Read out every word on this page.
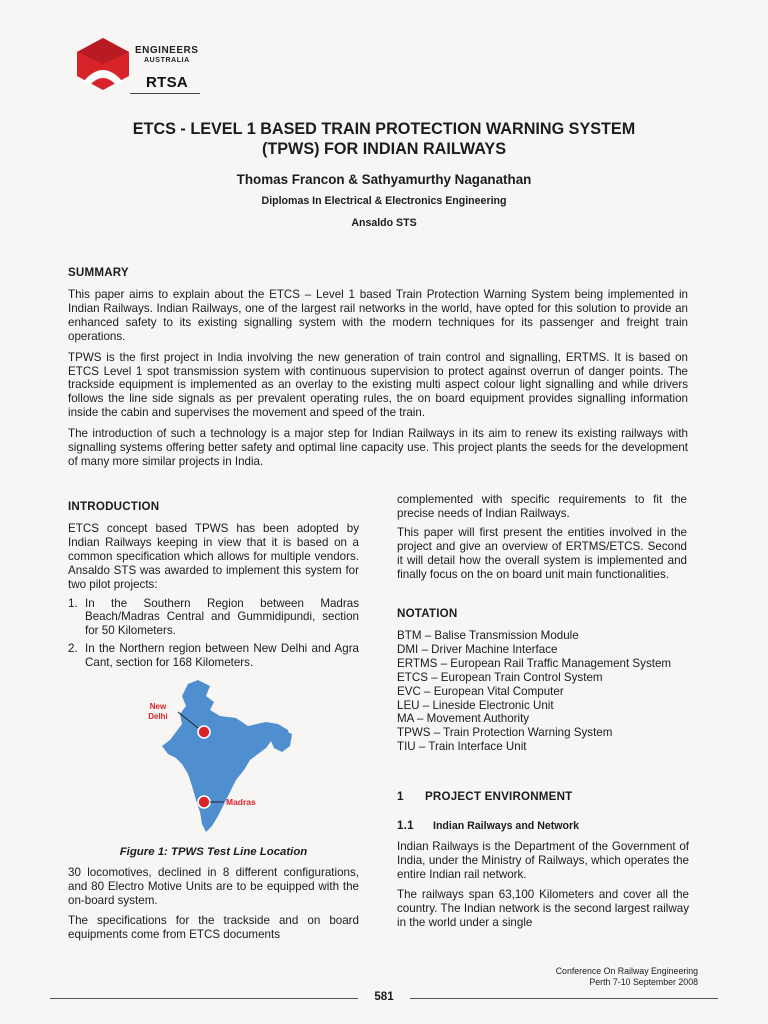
ENGINEERS
AUSTRALIA
RTSA
ETCS - LEVEL 1 BASED TRAIN PROTECTION WARNING SYSTEM
(TPWS) FOR INDIAN RAILWAYS
Thomas Francon & Sathyamurthy Naganathan
Diplomas In Electrical & Electronics Engineering
Ansaldo STS
SUMMARY
This paper aims to explain about the ETCS – Level 1 based Train Protection Warning System being implemented in Indian Railways. Indian Railways, one of the largest rail networks in the world, have opted for this solution to provide an enhanced safety to its existing signalling system with the modern techniques for its passenger and freight train operations.
TPWS is the first project in India involving the new generation of train control and signalling, ERTMS. It is based on ETCS Level 1 spot transmission system with continuous supervision to protect against overrun of danger points. The trackside equipment is implemented as an overlay to the existing multi aspect colour light signalling and while drivers follows the line side signals as per prevalent operating rules, the on board equipment provides signalling information inside the cabin and supervises the movement and speed of the train.
The introduction of such a technology is a major step for Indian Railways in its aim to renew its existing railways with signalling systems offering better safety and optimal line capacity use. This project plants the seeds for the development of many more similar projects in India.
INTRODUCTION
ETCS concept based TPWS has been adopted by Indian Railways keeping in view that it is based on a common specification which allows for multiple vendors. Ansaldo STS was awarded to implement this system for two pilot projects:
1. In the Southern Region between Madras Beach/Madras Central and Gummidipundi, section for 50 Kilometers.
2. In the Northern region between New Delhi and Agra Cant, section for 168 Kilometers.
New Delhi
Madras
Figure 1: TPWS Test Line Location
30 locomotives, declined in 8 different configurations, and 80 Electro Motive Units are to be equipped with the on-board system.
The specifications for the trackside and on board equipments come from ETCS documents
complemented with specific requirements to fit the precise needs of Indian Railways.
This paper will first present the entities involved in the project and give an overview of ERTMS/ETCS. Second it will detail how the overall system is implemented and finally focus on the on board unit main functionalities.
NOTATION
BTM – Balise Transmission Module
DMI – Driver Machine Interface
ERTMS – European Rail Traffic Management System
ETCS – European Train Control System
EVC – European Vital Computer
LEU – Lineside Electronic Unit
MA – Movement Authority
TPWS – Train Protection Warning System
TIU – Train Interface Unit
1 PROJECT ENVIRONMENT
1.1 Indian Railways and Network
Indian Railways is the Department of the Government of India, under the Ministry of Railways, which operates the entire Indian rail network.
The railways span 63,100 Kilometers and cover all the country. The Indian network is the second largest railway in the world under a single
Conference On Railway Engineering
Perth 7-10 September 2008
581
